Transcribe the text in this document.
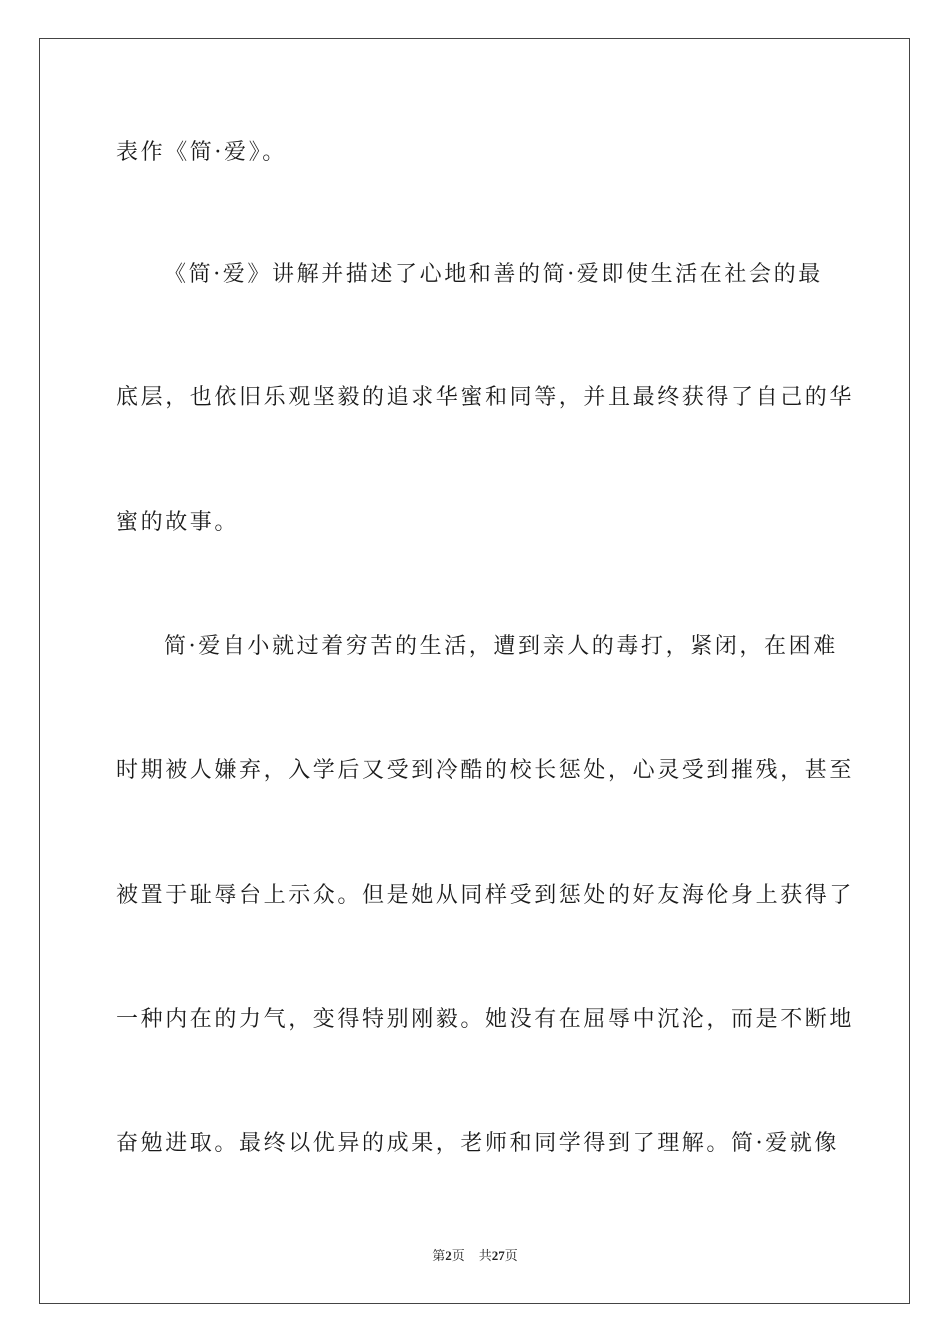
表作《简·爱》。
《简·爱》讲解并描述了心地和善的简·爱即使生活在社会的最
底层，也依旧乐观坚毅的追求华蜜和同等，并且最终获得了自己的华
蜜的故事。
简·爱自小就过着穷苦的生活，遭到亲人的毒打，紧闭，在困难
时期被人嫌弃，入学后又受到冷酷的校长惩处，心灵受到摧残，甚至
被置于耻辱台上示众。但是她从同样受到惩处的好友海伦身上获得了
一种内在的力气，变得特别刚毅。她没有在屈辱中沉沦，而是不断地
奋勉进取。最终以优异的成果，老师和同学得到了理解。简·爱就像
第2页 共27页
